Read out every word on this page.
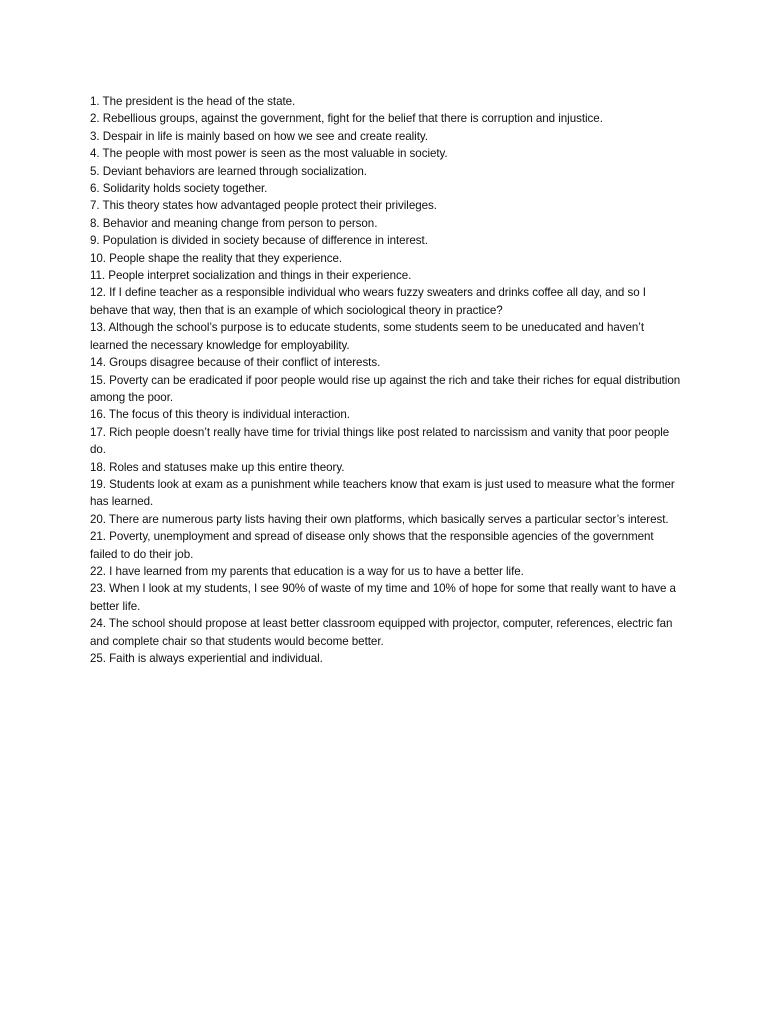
1. The president is the head of the state.
2. Rebellious groups, against the government, fight for the belief that there is corruption and injustice.
3. Despair in life is mainly based on how we see and create reality.
4. The people with most power is seen as the most valuable in society.
5. Deviant behaviors are learned through socialization.
6. Solidarity holds society together.
7. This theory states how advantaged people protect their privileges.
8. Behavior and meaning change from person to person.
9. Population is divided in society because of difference in interest.
10. People shape the reality that they experience.
11. People interpret socialization and things in their experience.
12. If I define teacher as a responsible individual who wears fuzzy sweaters and drinks coffee all day, and so I behave that way, then that is an example of which sociological theory in practice?
13. Although the school’s purpose is to educate students, some students seem to be uneducated and haven’t learned the necessary knowledge for employability.
14. Groups disagree because of their conflict of interests.
15. Poverty can be eradicated if poor people would rise up against the rich and take their riches for equal distribution among the poor.
16. The focus of this theory is individual interaction.
17. Rich people doesn’t really have time for trivial things like post related to narcissism and vanity that poor people do.
18. Roles and statuses make up this entire theory.
19. Students look at exam as a punishment while teachers know that exam is just used to measure what the former has learned.
20. There are numerous party lists having their own platforms, which basically serves a particular sector’s interest.
21. Poverty, unemployment and spread of disease only shows that the responsible agencies of the government failed to do their job.
22. I have learned from my parents that education is a way for us to have a better life.
23. When I look at my students, I see 90% of waste of my time and 10% of hope for some that really want to have a better life.
24. The school should propose at least better classroom equipped with projector, computer, references, electric fan and complete chair so that students would become better.
25. Faith is always experiential and individual.
